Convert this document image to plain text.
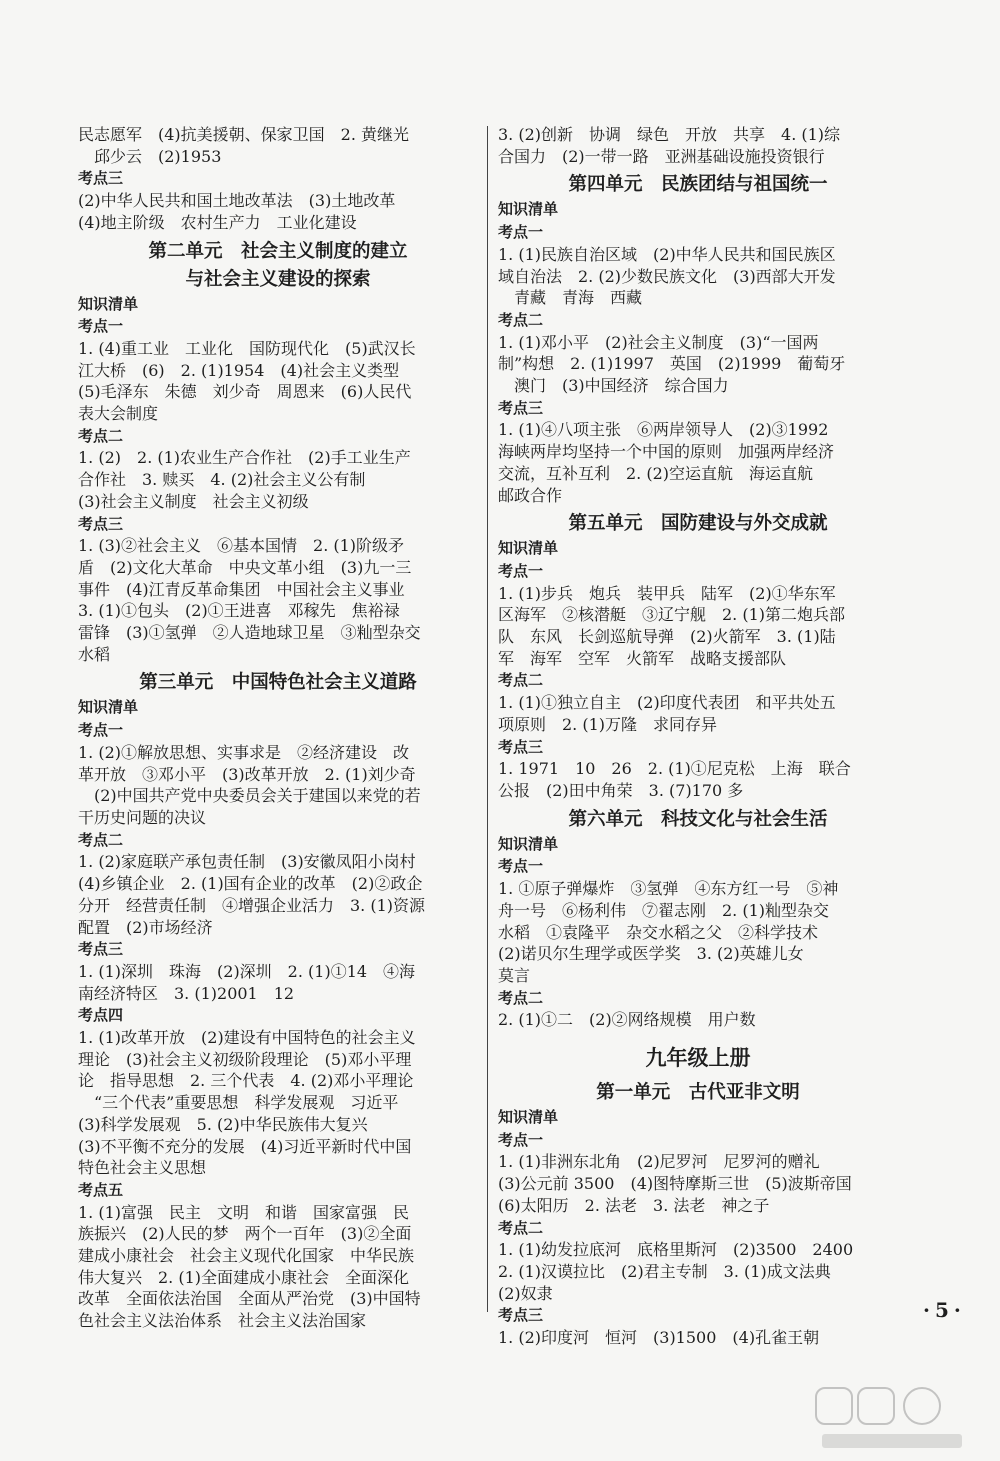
民志愿军　(4)抗美援朝、保家卫国　2. 黄继光
　邱少云　(2)1953
考点三
(2)中华人民共和国土地改革法　(3)土地改革
(4)地主阶级　农村生产力　工业化建设
第二单元　社会主义制度的建立
与社会主义建设的探索
知识清单
考点一
1. (4)重工业　工业化　国防现代化　(5)武汉长
江大桥　(6)　2. (1)1954　(4)社会主义类型
(5)毛泽东　朱德　刘少奇　周恩来　(6)人民代
表大会制度
考点二
1. (2)　2. (1)农业生产合作社　(2)手工业生产
合作社　3. 赎买　4. (2)社会主义公有制
(3)社会主义制度　社会主义初级
考点三
1. (3)②社会主义　⑥基本国情　2. (1)阶级矛
盾　(2)文化大革命　中央文革小组　(3)九一三
事件　(4)江青反革命集团　中国社会主义事业
3. (1)①包头　(2)①王进喜　邓稼先　焦裕禄
雷锋　(3)①氢弹　②人造地球卫星　③籼型杂交
水稻
第三单元　中国特色社会主义道路
知识清单
考点一
1. (2)①解放思想、实事求是　②经济建设　改
革开放　③邓小平　(3)改革开放　2. (1)刘少奇
　(2)中国共产党中央委员会关于建国以来党的若
干历史问题的决议
考点二
1. (2)家庭联产承包责任制　(3)安徽凤阳小岗村
(4)乡镇企业　2. (1)国有企业的改革　(2)②政企
分开　经营责任制　④增强企业活力　3. (1)资源
配置　(2)市场经济
考点三
1. (1)深圳　珠海　(2)深圳　2. (1)①14　④海
南经济特区　3. (1)2001　12
考点四
1. (1)改革开放　(2)建设有中国特色的社会主义
理论　(3)社会主义初级阶段理论　(5)邓小平理
论　指导思想　2. 三个代表　4. (2)邓小平理论
　“三个代表”重要思想　科学发展观　习近平
(3)科学发展观　5. (2)中华民族伟大复兴
(3)不平衡不充分的发展　(4)习近平新时代中国
特色社会主义思想
考点五
1. (1)富强　民主　文明　和谐　国家富强　民
族振兴　(2)人民的梦　两个一百年　(3)②全面
建成小康社会　社会主义现代化国家　中华民族
伟大复兴　2. (1)全面建成小康社会　全面深化
改革　全面依法治国　全面从严治党　(3)中国特
色社会主义法治体系　社会主义法治国家
3. (2)创新　协调　绿色　开放　共享　4. (1)综
合国力　(2)一带一路　亚洲基础设施投资银行
第四单元　民族团结与祖国统一
知识清单
考点一
1. (1)民族自治区域　(2)中华人民共和国民族区
域自治法　2. (2)少数民族文化　(3)西部大开发
　青藏　青海　西藏
考点二
1. (1)邓小平　(2)社会主义制度　(3)“一国两
制”构想　2. (1)1997　英国　(2)1999　葡萄牙
　澳门　(3)中国经济　综合国力
考点三
1. (1)④八项主张　⑥两岸领导人　(2)③1992
海峡两岸均坚持一个中国的原则　加强两岸经济
交流，互补互利　2. (2)空运直航　海运直航
邮政合作
第五单元　国防建设与外交成就
知识清单
考点一
1. (1)步兵　炮兵　装甲兵　陆军　(2)①华东军
区海军　②核潜艇　③辽宁舰　2. (1)第二炮兵部
队　东风　长剑巡航导弹　(2)火箭军　3. (1)陆
军　海军　空军　火箭军　战略支援部队
考点二
1. (1)①独立自主　(2)印度代表团　和平共处五
项原则　2. (1)万隆　求同存异
考点三
1. 1971　10　26　2. (1)①尼克松　上海　联合
公报　(2)田中角荣　3. (7)170 多
第六单元　科技文化与社会生活
知识清单
考点一
1. ①原子弹爆炸　③氢弹　④东方红一号　⑤神
舟一号　⑥杨利伟　⑦翟志刚　2. (1)籼型杂交
水稻　①袁隆平　杂交水稻之父　②科学技术
(2)诺贝尔生理学或医学奖　3. (2)英雄儿女
莫言
考点二
2. (1)①二　(2)②网络规模　用户数
九年级上册
第一单元　古代亚非文明
知识清单
考点一
1. (1)非洲东北角　(2)尼罗河　尼罗河的赠礼
(3)公元前 3500　(4)图特摩斯三世　(5)波斯帝国
(6)太阳历　2. 法老　3. 法老　神之子
考点二
1. (1)幼发拉底河　底格里斯河　(2)3500　2400
2. (1)汉谟拉比　(2)君主专制　3. (1)成文法典
(2)奴隶
考点三
1. (2)印度河　恒河　(3)1500　(4)孔雀王朝
· 5 ·
